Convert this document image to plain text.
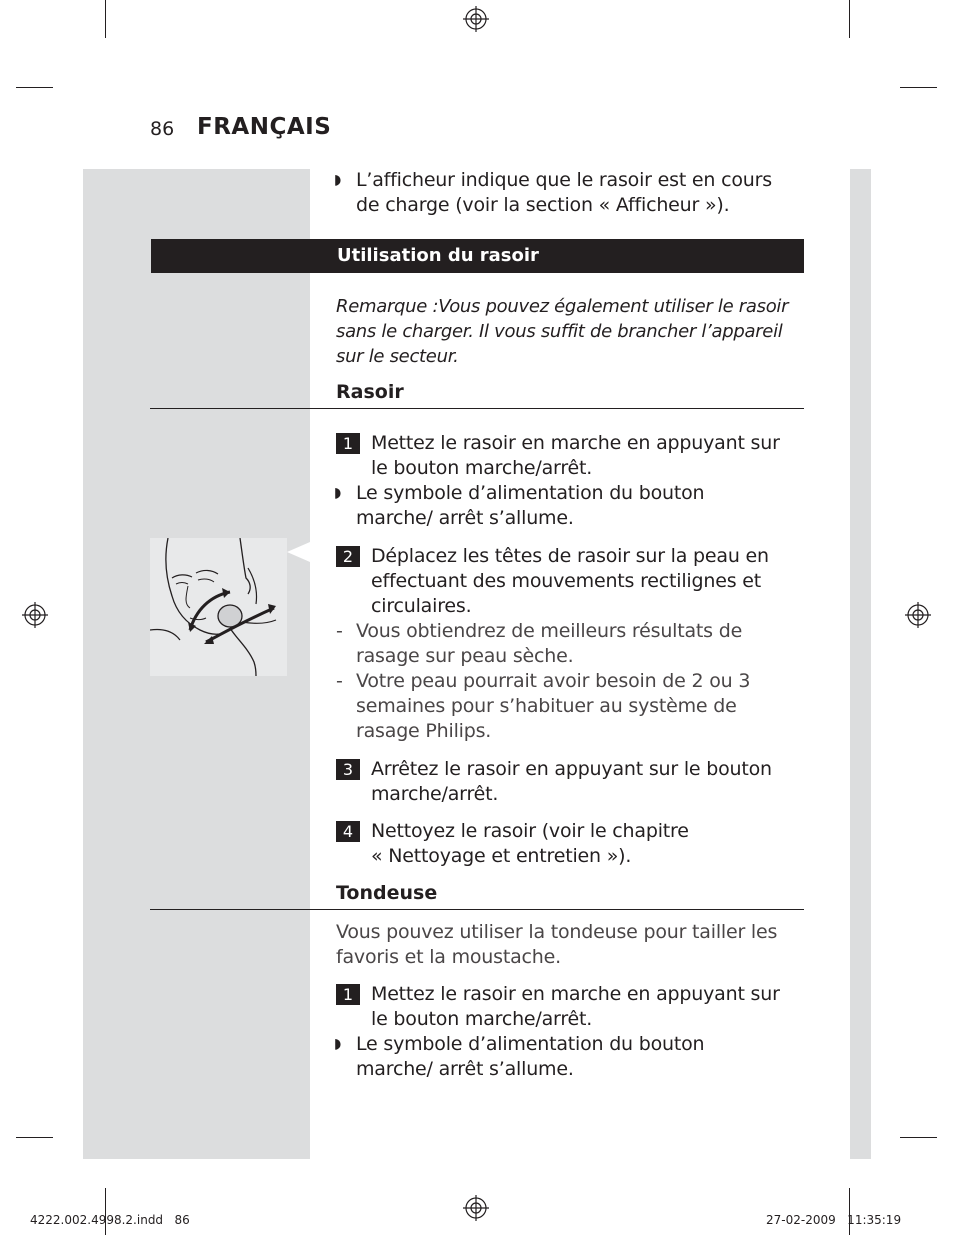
86 FRANÇAIS
◗ L’afficheur indique que le rasoir est en cours de charge (voir la section « Afficheur »).
Utilisation du rasoir
Remarque :Vous pouvez également utiliser le rasoir sans le charger. Il vous suffit de brancher l’appareil sur le secteur.
Rasoir
1 Mettez le rasoir en marche en appuyant sur le bouton marche/arrêt.
◗ Le symbole d’alimentation du bouton marche/ arrêt s’allume.
2 Déplacez les têtes de rasoir sur la peau en effectuant des mouvements rectilignes et circulaires.
- Vous obtiendrez de meilleurs résultats de rasage sur peau sèche.
- Votre peau pourrait avoir besoin de 2 ou 3 semaines pour s’habituer au système de rasage Philips.
3 Arrêtez le rasoir en appuyant sur le bouton marche/arrêt.
4 Nettoyez le rasoir (voir le chapitre « Nettoyage et entretien »).
Tondeuse
Vous pouvez utiliser la tondeuse pour tailler les favoris et la moustache.
1 Mettez le rasoir en marche en appuyant sur le bouton marche/arrêt.
◗ Le symbole d’alimentation du bouton marche/ arrêt s’allume.
4222.002.4998.2.indd   86	27-02-2009   11:35:19
